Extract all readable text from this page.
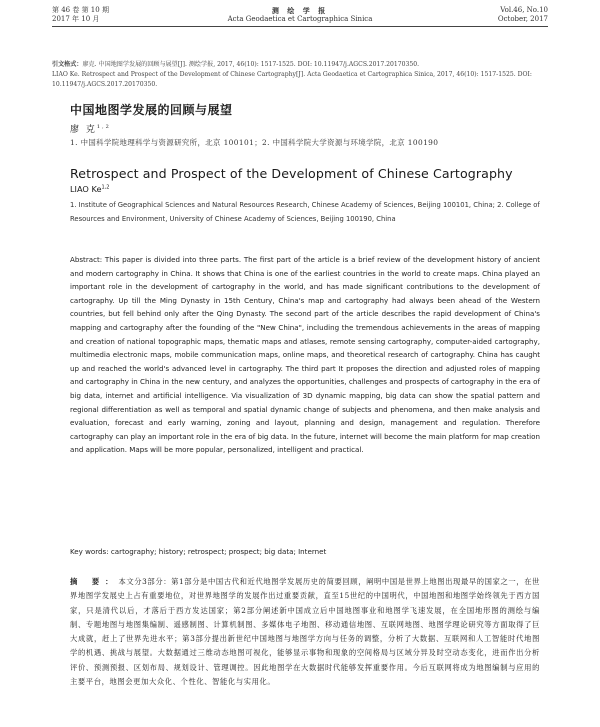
第 46 卷 第 10 期
2017 年 10 月
测 绘 学 报
Acta Geodaetica et Cartographica Sinica
Vol.46, No.10
October, 2017
引文格式：廖克. 中国地图学发展的回顾与展望[J]. 测绘学报, 2017, 46(10): 1517-1525. DOI: 10.11947/j.AGCS.2017.20170350.
LIAO Ke. Retrospect and Prospect of the Development of Chinese Cartography[J]. Acta Geodaetica et Cartographica Sinica, 2017, 46(10): 1517-1525. DOI: 10.11947/j.AGCS.2017.20170350.
中国地图学发展的回顾与展望
廖 克$^{1,2}$
1. 中国科学院地理科学与资源研究所，北京 100101；2. 中国科学院大学资源与环境学院，北京 100190
Retrospect and Prospect of the Development of Chinese Cartography
LIAO Ke$^{1,2}$
1. Institute of Geographical Sciences and Natural Resources Research, Chinese Academy of Sciences, Beijing 100101, China; 2. College of Resources and Environment, University of Chinese Academy of Sciences, Beijing 100190, China
Abstract: This paper is divided into three parts. The first part of the article is a brief review of the development history of ancient and modern cartography in China. It shows that China is one of the earliest countries in the world to create maps. China played an important role in the development of cartography in the world, and has made significant contributions to the development of cartography. Up till the Ming Dynasty in 15th Century, China's map and cartography had always been ahead of the Western countries, but fell behind only after the Qing Dynasty. The second part of the article describes the rapid development of China's mapping and cartography after the founding of the "New China", including the tremendous achievements in the areas of mapping and creation of national topographic maps, thematic maps and atlases, remote sensing cartography, computer-aided cartography, multimedia electronic maps, mobile communication maps, online maps, and theoretical research of cartography. China has caught up and reached the world's advanced level in cartography. The third part It proposes the direction and adjusted roles of mapping and cartography in China in the new century, and analyzes the opportunities, challenges and prospects of cartography in the era of big data, internet and artificial intelligence. Via visualization of 3D dynamic mapping, big data can show the spatial pattern and regional differentiation as well as temporal and spatial dynamic change of subjects and phenomena, and then make analysis and evaluation, forecast and early warning, zoning and layout, planning and design, management and regulation. Therefore cartography can play an important role in the era of big data. In the future, internet will become the main platform for map creation and application. Maps will be more popular, personalized, intelligent and practical.
Key words: cartography; history; retrospect; prospect; big data; Internet
摘 要：本文分3部分：第1部分是中国古代和近代地图学发展历史的简要回顾，阐明中国是世界上地图出现最早的国家之一，在世界地图学发展史上占有重要地位，对世界地图学的发展作出过重要贡献，直至15世纪的中国明代，中国地图和地图学始终领先于西方国家，只是清代以后，才落后于西方发达国家；第2部分阐述新中国成立后中国地图事业和地图学飞速发展，在全国地形图的测绘与编制、专题地图与地图集编制、遥感制图、计算机制图、多媒体电子地图、移动通信地图、互联网地图、地图学理论研究等方面取得了巨大成就，赶上了世界先进水平；第3部分提出新世纪中国地图与地图学方向与任务的调整，分析了大数据、互联网和人工智能时代地图学的机遇、挑战与展望。大数据通过三维动态地图可视化，能够显示事物和现象的空间格局与区域分异及时空动态变化，进而作出分析评价、预测预报、区划布局、规划设计、管理调控。因此地图学在大数据时代能够发挥重要作用。今后互联网将成为地图编制与应用的主要平台，地图会更加大众化、个性化、智能化与实用化。
